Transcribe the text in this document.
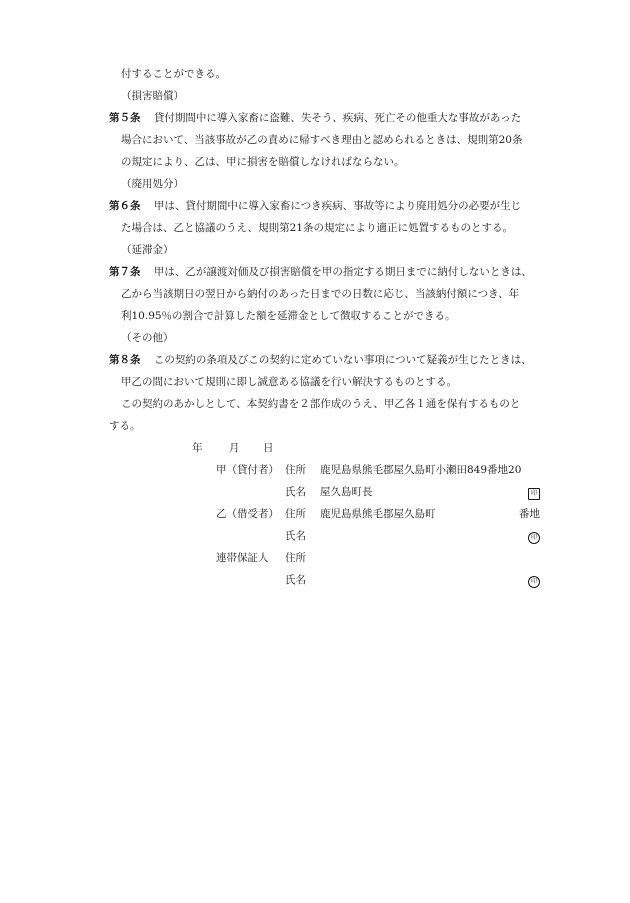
付することができる。
（損害賠償）
第５条 貸付期間中に導入家畜に盗難、失そう、疾病、死亡その他重大な事故があった
場合において、当該事故が乙の責めに帰すべき理由と認められるときは、規則第20条
の規定により、乙は、甲に損害を賠償しなければならない。
（廃用処分）
第６条 甲は、貸付期間中に導入家畜につき疾病、事故等により廃用処分の必要が生じ
た場合は、乙と協議のうえ、規則第21条の規定により適正に処置するものとする。
（延滞金）
第７条 甲は、乙が譲渡対価及び損害賠償を甲の指定する期日までに納付しないときは、
乙から当該期日の翌日から納付のあった日までの日数に応じ、当該納付額につき、年
利10.95％の割合で計算した額を延滞金として徴収することができる。
（その他）
第８条 この契約の条項及びこの契約に定めていない事項について疑義が生じたときは、
甲乙の間において規則に即し誠意ある協議を行い解決するものとする。
この契約のあかしとして、本契約書を２部作成のうえ、甲乙各１通を保有するものと
する。
年	月 日
甲（貸付者） 住所 鹿児島県熊毛郡屋久島町小瀬田849番地20
氏名 屋久島町長	印
乙（借受者） 住所 鹿児島県熊毛郡屋久島町	番地
氏名	印
連帯保証人 住所
氏名	印
